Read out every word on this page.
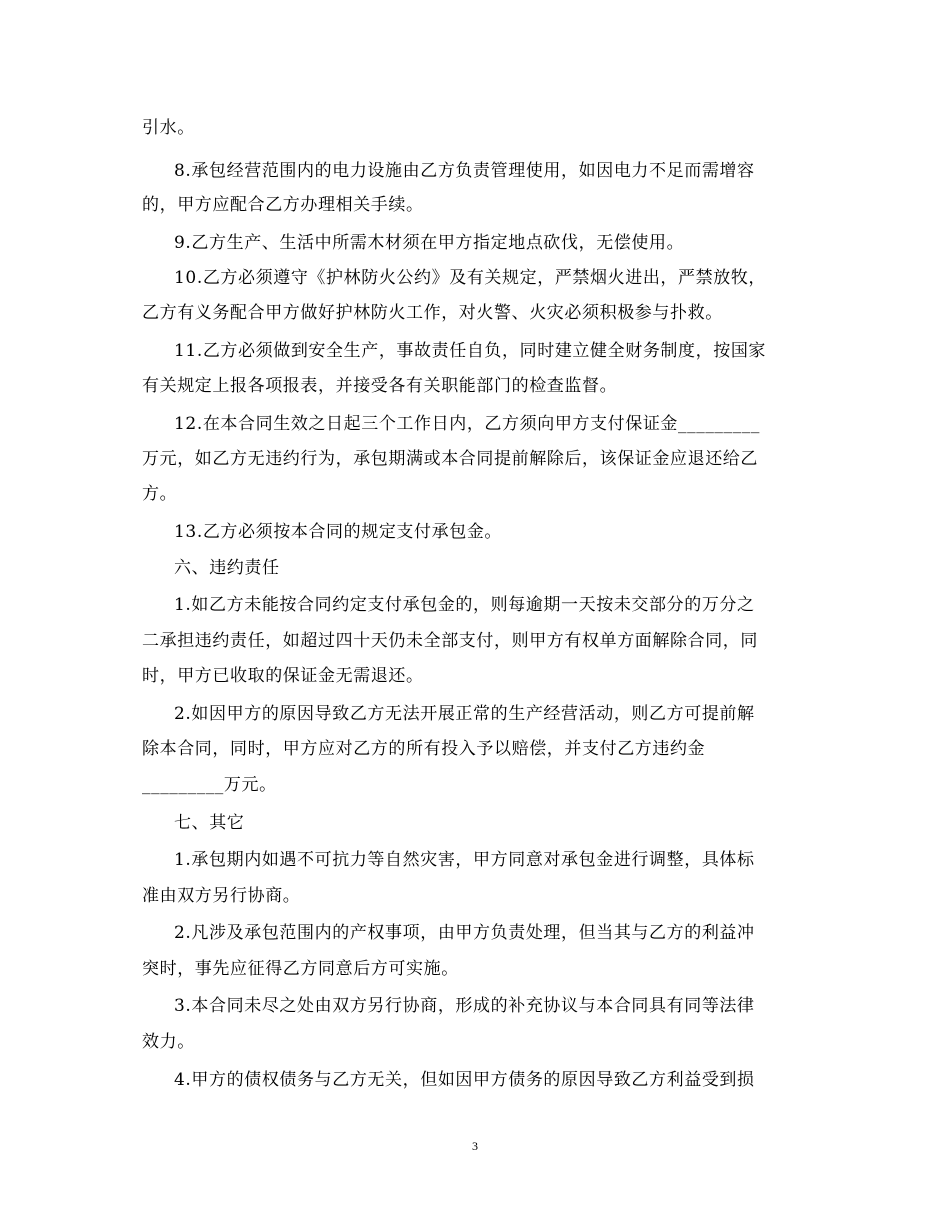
引水。
8.承包经营范围内的电力设施由乙方负责管理使用，如因电力不足而需增容
的，甲方应配合乙方办理相关手续。
9.乙方生产、生活中所需木材须在甲方指定地点砍伐，无偿使用。
10.乙方必须遵守《护林防火公约》及有关规定，严禁烟火进出，严禁放牧，
乙方有义务配合甲方做好护林防火工作，对火警、火灾必须积极参与扑救。
11.乙方必须做到安全生产，事故责任自负，同时建立健全财务制度，按国家
有关规定上报各项报表，并接受各有关职能部门的检查监督。
12.在本合同生效之日起三个工作日内，乙方须向甲方支付保证金_________
万元，如乙方无违约行为，承包期满或本合同提前解除后，该保证金应退还给乙
方。
13.乙方必须按本合同的规定支付承包金。
六、违约责任
1.如乙方未能按合同约定支付承包金的，则每逾期一天按未交部分的万分之
二承担违约责任，如超过四十天仍未全部支付，则甲方有权单方面解除合同，同
时，甲方已收取的保证金无需退还。
2.如因甲方的原因导致乙方无法开展正常的生产经营活动，则乙方可提前解
除本合同，同时，甲方应对乙方的所有投入予以赔偿，并支付乙方违约金
_________万元。
七、其它
1.承包期内如遇不可抗力等自然灾害，甲方同意对承包金进行调整，具体标
准由双方另行协商。
2.凡涉及承包范围内的产权事项，由甲方负责处理，但当其与乙方的利益冲
突时，事先应征得乙方同意后方可实施。
3.本合同未尽之处由双方另行协商，形成的补充协议与本合同具有同等法律
效力。
4.甲方的债权债务与乙方无关，但如因甲方债务的原因导致乙方利益受到损
3
